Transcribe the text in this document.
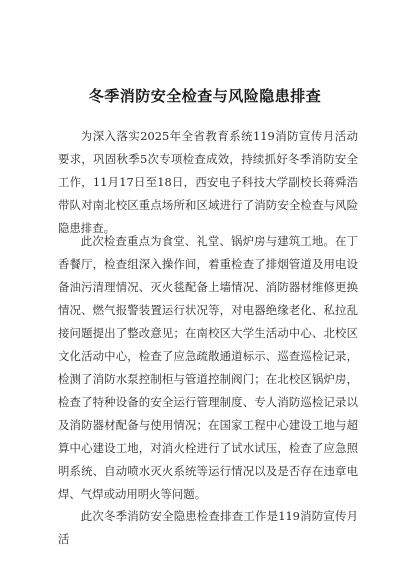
冬季消防安全检查与风险隐患排查

为深入落实2025年全省教育系统119消防宣传月活动要求，巩固秋季5次专项检查成效，持续抓好冬季消防安全工作，11月17日至18日，西安电子科技大学副校长蒋舜浩带队对南北校区重点场所和区域进行了消防安全检查与风险隐患排查。

此次检查重点为食堂、礼堂、锅炉房与建筑工地。在丁香餐厅，检查组深入操作间，着重检查了排烟管道及用电设备油污清理情况、灭火毯配备上墙情况、消防器材维修更换情况、燃气报警装置运行状况等，对电器绝缘老化、私拉乱接问题提出了整改意见；在南校区大学生活动中心、北校区文化活动中心，检查了应急疏散通道标示、巡查巡检记录，检测了消防水泵控制柜与管道控制阀门；在北校区锅炉房，检查了特种设备的安全运行管理制度、专人消防巡检记录以及消防器材配备与使用情况；在国家工程中心建设工地与超算中心建设工地，对消火栓进行了试水试压，检查了应急照明系统、自动喷水灭火系统等运行情况以及是否存在违章电焊、气焊或动用明火等问题。

此次冬季消防安全隐患检查排查工作是119消防宣传月活
